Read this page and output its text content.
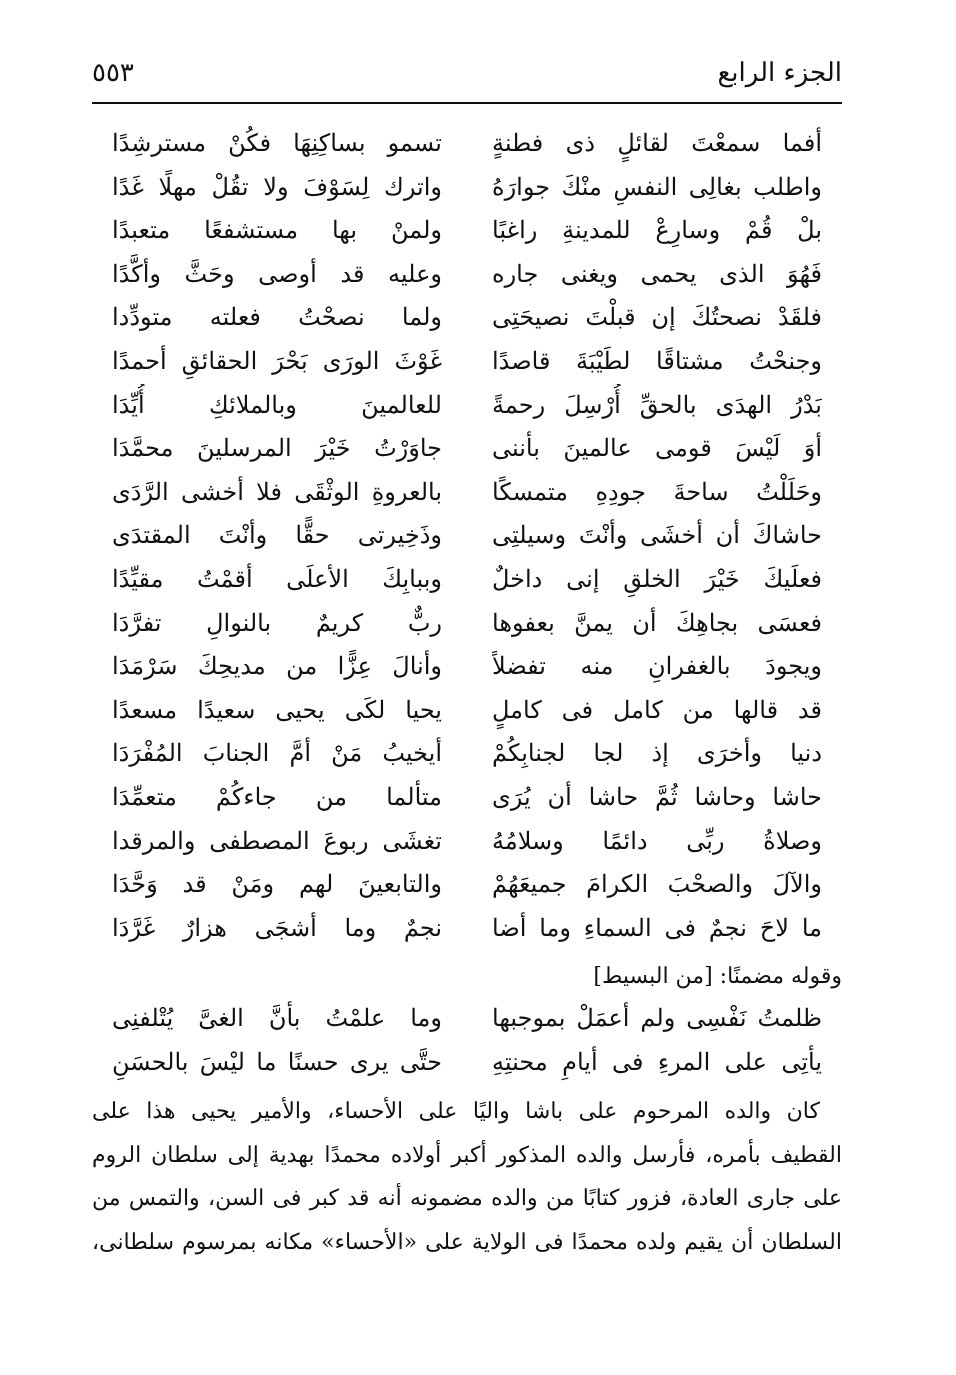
الجزء الرابع
٥٥٣
أفما سمعْتَ لقائلٍ ذى فطنةٍ
تسمو بساكِنِهَا فكُنْ مسترشِدًا
واطلب بغالِى النفسِ منْكَ جوارَهُ
واترك لِسَوْفَ ولا تقُلْ مهلًا غَدًا
بلْ قُمْ وسارِعْ للمدينةِ راغبًا
ولمنْ بها مستشفعًا متعبدًا
فَهُوَ الذى يحمى ويغنى جاره
وعليه قد أوصى وحَثَّ وأكَّدًا
فلقَدْ نصحتُكَ إن قبلْتَ نصيحَتِى
ولما نصحْتُ فعلته متودِّدا
وجنحْتُ مشتاقًا لطَيْبَةَ قاصدًا
غَوْثَ الورَى بَحْرَ الحقائقِ أحمدًا
بَدْرُ الهدَى بالحقِّ أُرْسِلَ رحمةً
للعالمينَ وبالملائكِ أُيِّدَا
أوَ لَيْسَ قومى عالمينَ بأننى
جاوَرْتُ خَيْرَ المرسلينَ محمَّدَا
وحَلَلْتُ ساحةَ جودِهِ متمسكًا
بالعروةِ الوثْقَى فلا أخشى الرَّدَى
حاشاكَ أن أخشَى وأنْتَ وسيلتِى
وذَخِيرتى حقًّا وأنْتَ المقتدَى
فعلَيكَ خَيْرَ الخلقِ إنى داخلٌ
وببابِكَ الأعلَى أقمْتُ مقيِّدًا
فعسَى بجاهِكَ أن يمنَّ بعفوها
ربٌّ كريمٌ بالنوالِ تفرَّدَا
ويجودَ بالغفرانِ منه تفضلاً
وأنالَ عِزًّا من مديحِكَ سَرْمَدَا
قد قالها من كامل فى كاملٍ
يحيا لكَى يحيى سعيدًا مسعدًا
دنيا وأخرَى إذ لجا لجنابِكُمْ
أيخيبُ مَنْ أمَّ الجنابَ المُفْرَدَا
حاشا وحاشا ثُمَّ حاشا أن يُرَى
متألما من جاءكُمْ متعمِّدَا
وصلاةُ ربِّى دائمًا وسلامُهُ
تغشَى ربوعَ المصطفى والمرقدا
والآلَ والصحْبَ الكرامَ جميعَهُمْ
والتابعينَ لهم ومَنْ قد وَحَّدَا
ما لاحَ نجمٌ فى السماءِ وما أضا
نجمٌ وما أشجَى هزارٌ غَرَّدَا
وقوله مضمنًا: [من البسيط]
ظلمتُ نَفْسِى ولم أعمَلْ بموجبها
وما علمْتُ بأنَّ الغىَّ يُتْلفنِى
يأتِى على المرءِ فى أيامِ محنتِهِ
حتَّى يرى حسنًا ما ليْسَ بالحسَنِ
كان والده المرحوم على باشا واليًا على الأحساء، والأمير يحيى هذا على
القطيف بأمره، فأرسل والده المذكور أكبر أولاده محمدًا بهدية إلى سلطان الروم
على جارى العادة، فزور كتابًا من والده مضمونه أنه قد كبر فى السن، والتمس من
السلطان أن يقيم ولده محمدًا فى الولاية على «الأحساء» مكانه بمرسوم سلطانى،
